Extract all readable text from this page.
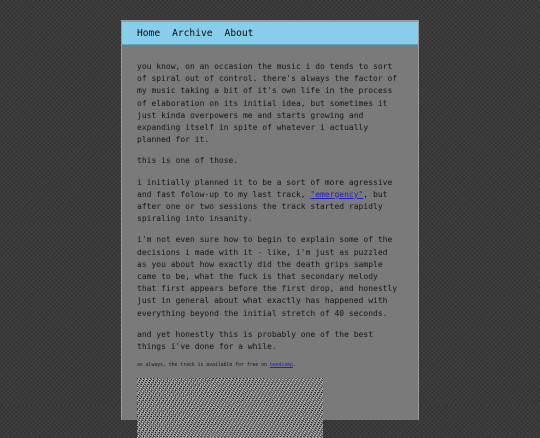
Home Archive About

you know, on an occasion the music i do tends to sort of spiral out of control. there's always the factor of my music taking a bit of it's own life in the process of elaboration on its initial idea, but sometimes it just kinda overpowers me and starts growing and expanding itself in spite of whatever i actually planned for it.

this is one of those.

i initially planned it to be a sort of more agressive and fast folow-up to my last track, "emergency", but after one or two sessions the track started rapidly spiraling into insanity.

i'm not even sure how to begin to explain some of the decisions i made with it - like, i'm just as puzzled as you about how exactly did the death grips sample came to be, what the fuck is that secondary melody that first appears before the first drop, and honestly just in general about what exactly has happened with everything beyond the initial stretch of 40 seconds.

and yet honestly this is probably one of the best things i've done for a while.

as always, the track is available for free on bandcamp.
